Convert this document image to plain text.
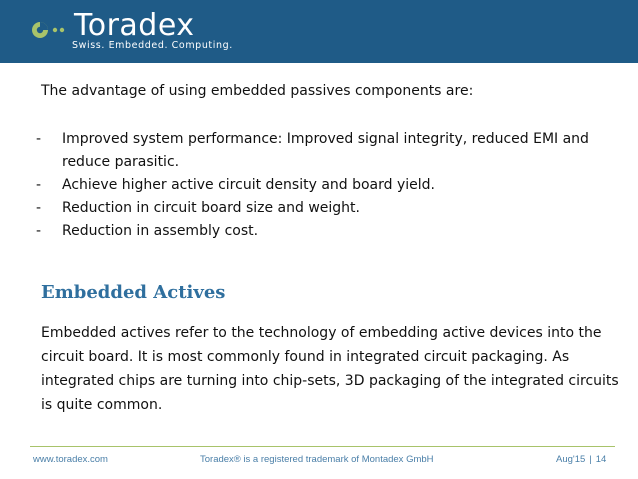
Toradex
Swiss. Embedded. Computing.
The advantage of using embedded passives components are:
- Improved system performance: Improved signal integrity, reduced EMI and reduce parasitic.
- Achieve higher active circuit density and board yield.
- Reduction in circuit board size and weight.
- Reduction in assembly cost.
Embedded Actives

Embedded actives refer to the technology of embedding active devices into the circuit board. It is most commonly found in integrated circuit packaging. As integrated chips are turning into chip-sets, 3D packaging of the integrated circuits is quite common.

www.toradex.com	Toradex® is a registered trademark of Montadex GmbH	Aug'15 | 14
